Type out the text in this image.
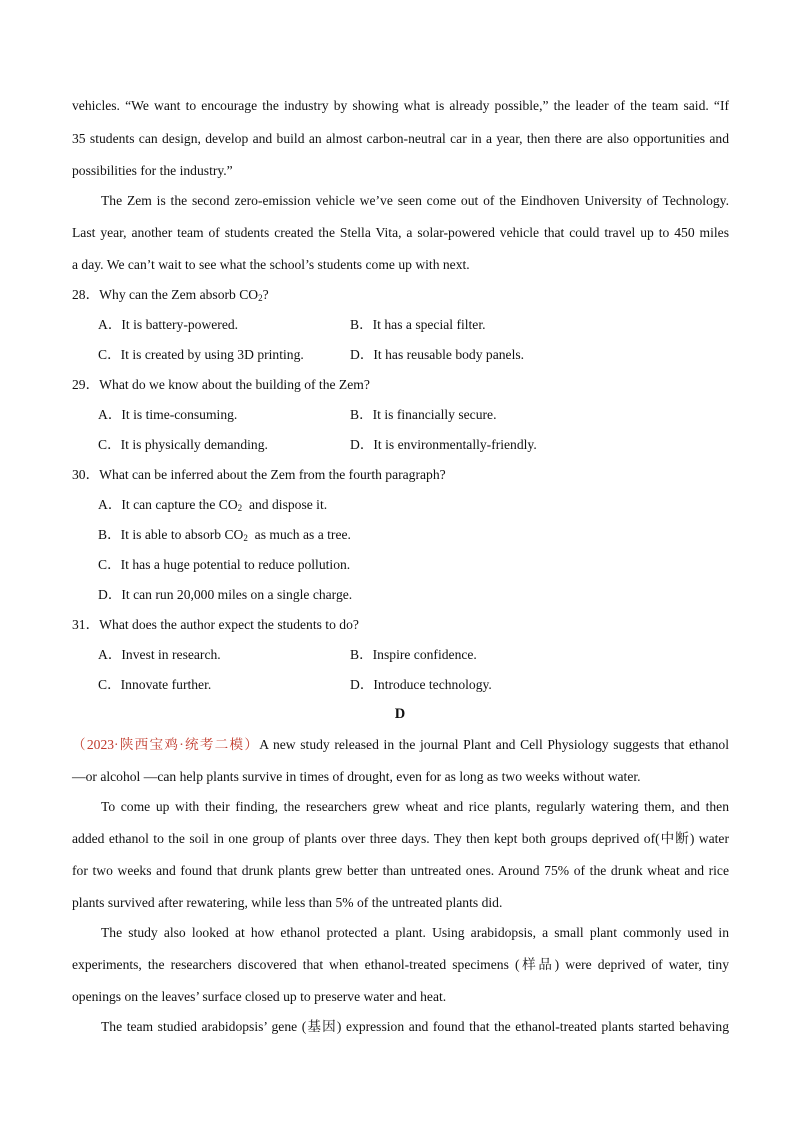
vehicles. “We want to encourage the industry by showing what is already possible,” the leader of the team said. “If
35 students can design, develop and build an almost carbon-neutral car in a year, then there are also opportunities and
possibilities for the industry.”
The Zem is the second zero-emission vehicle we’ve seen come out of the Eindhoven University of Technology.
Last year, another team of students created the Stella Vita, a solar-powered vehicle that could travel up to 450 miles
a day. We can’t wait to see what the school’s students come up with next.
28．Why can the Zem absorb $CO_2$?
A．It is battery-powered.	B．It has a special filter.
C．It is created by using 3D printing.	D．It has reusable body panels.
29．What do we know about the building of the Zem?
A．It is time-consuming.	B．It is financially secure.
C．It is physically demanding.	D．It is environmentally-friendly.
30．What can be inferred about the Zem from the fourth paragraph?
A．It can capture the $CO_2$  and dispose it.
B．It is able to absorb $CO_2$  as much as a tree.
C．It has a huge potential to reduce pollution.
D．It can run 20,000 miles on a single charge.
31．What does the author expect the students to do?
A．Invest in research.	B．Inspire confidence.
C．Innovate further.	D．Introduce technology.
D
（2023·陕西宝鸡·统考二模）A new study released in the journal Plant and Cell Physiology suggests that ethanol
—or alcohol —can help plants survive in times of drought, even for as long as two weeks without water.
To come up with their finding, the researchers grew wheat and rice plants, regularly watering them, and then
added ethanol to the soil in one group of plants over three days. They then kept both groups deprived of(中断) water
for two weeks and found that drunk plants grew better than untreated ones. Around 75% of the drunk wheat and rice
plants survived after rewatering, while less than 5% of the untreated plants did.
The study also looked at how ethanol protected a plant. Using arabidopsis, a small plant commonly used in
experiments, the researchers discovered that when ethanol-treated specimens (样品) were deprived of water, tiny
openings on the leaves’ surface closed up to preserve water and heat.
The team studied arabidopsis’ gene (基因) expression and found that the ethanol-treated plants started behaving
